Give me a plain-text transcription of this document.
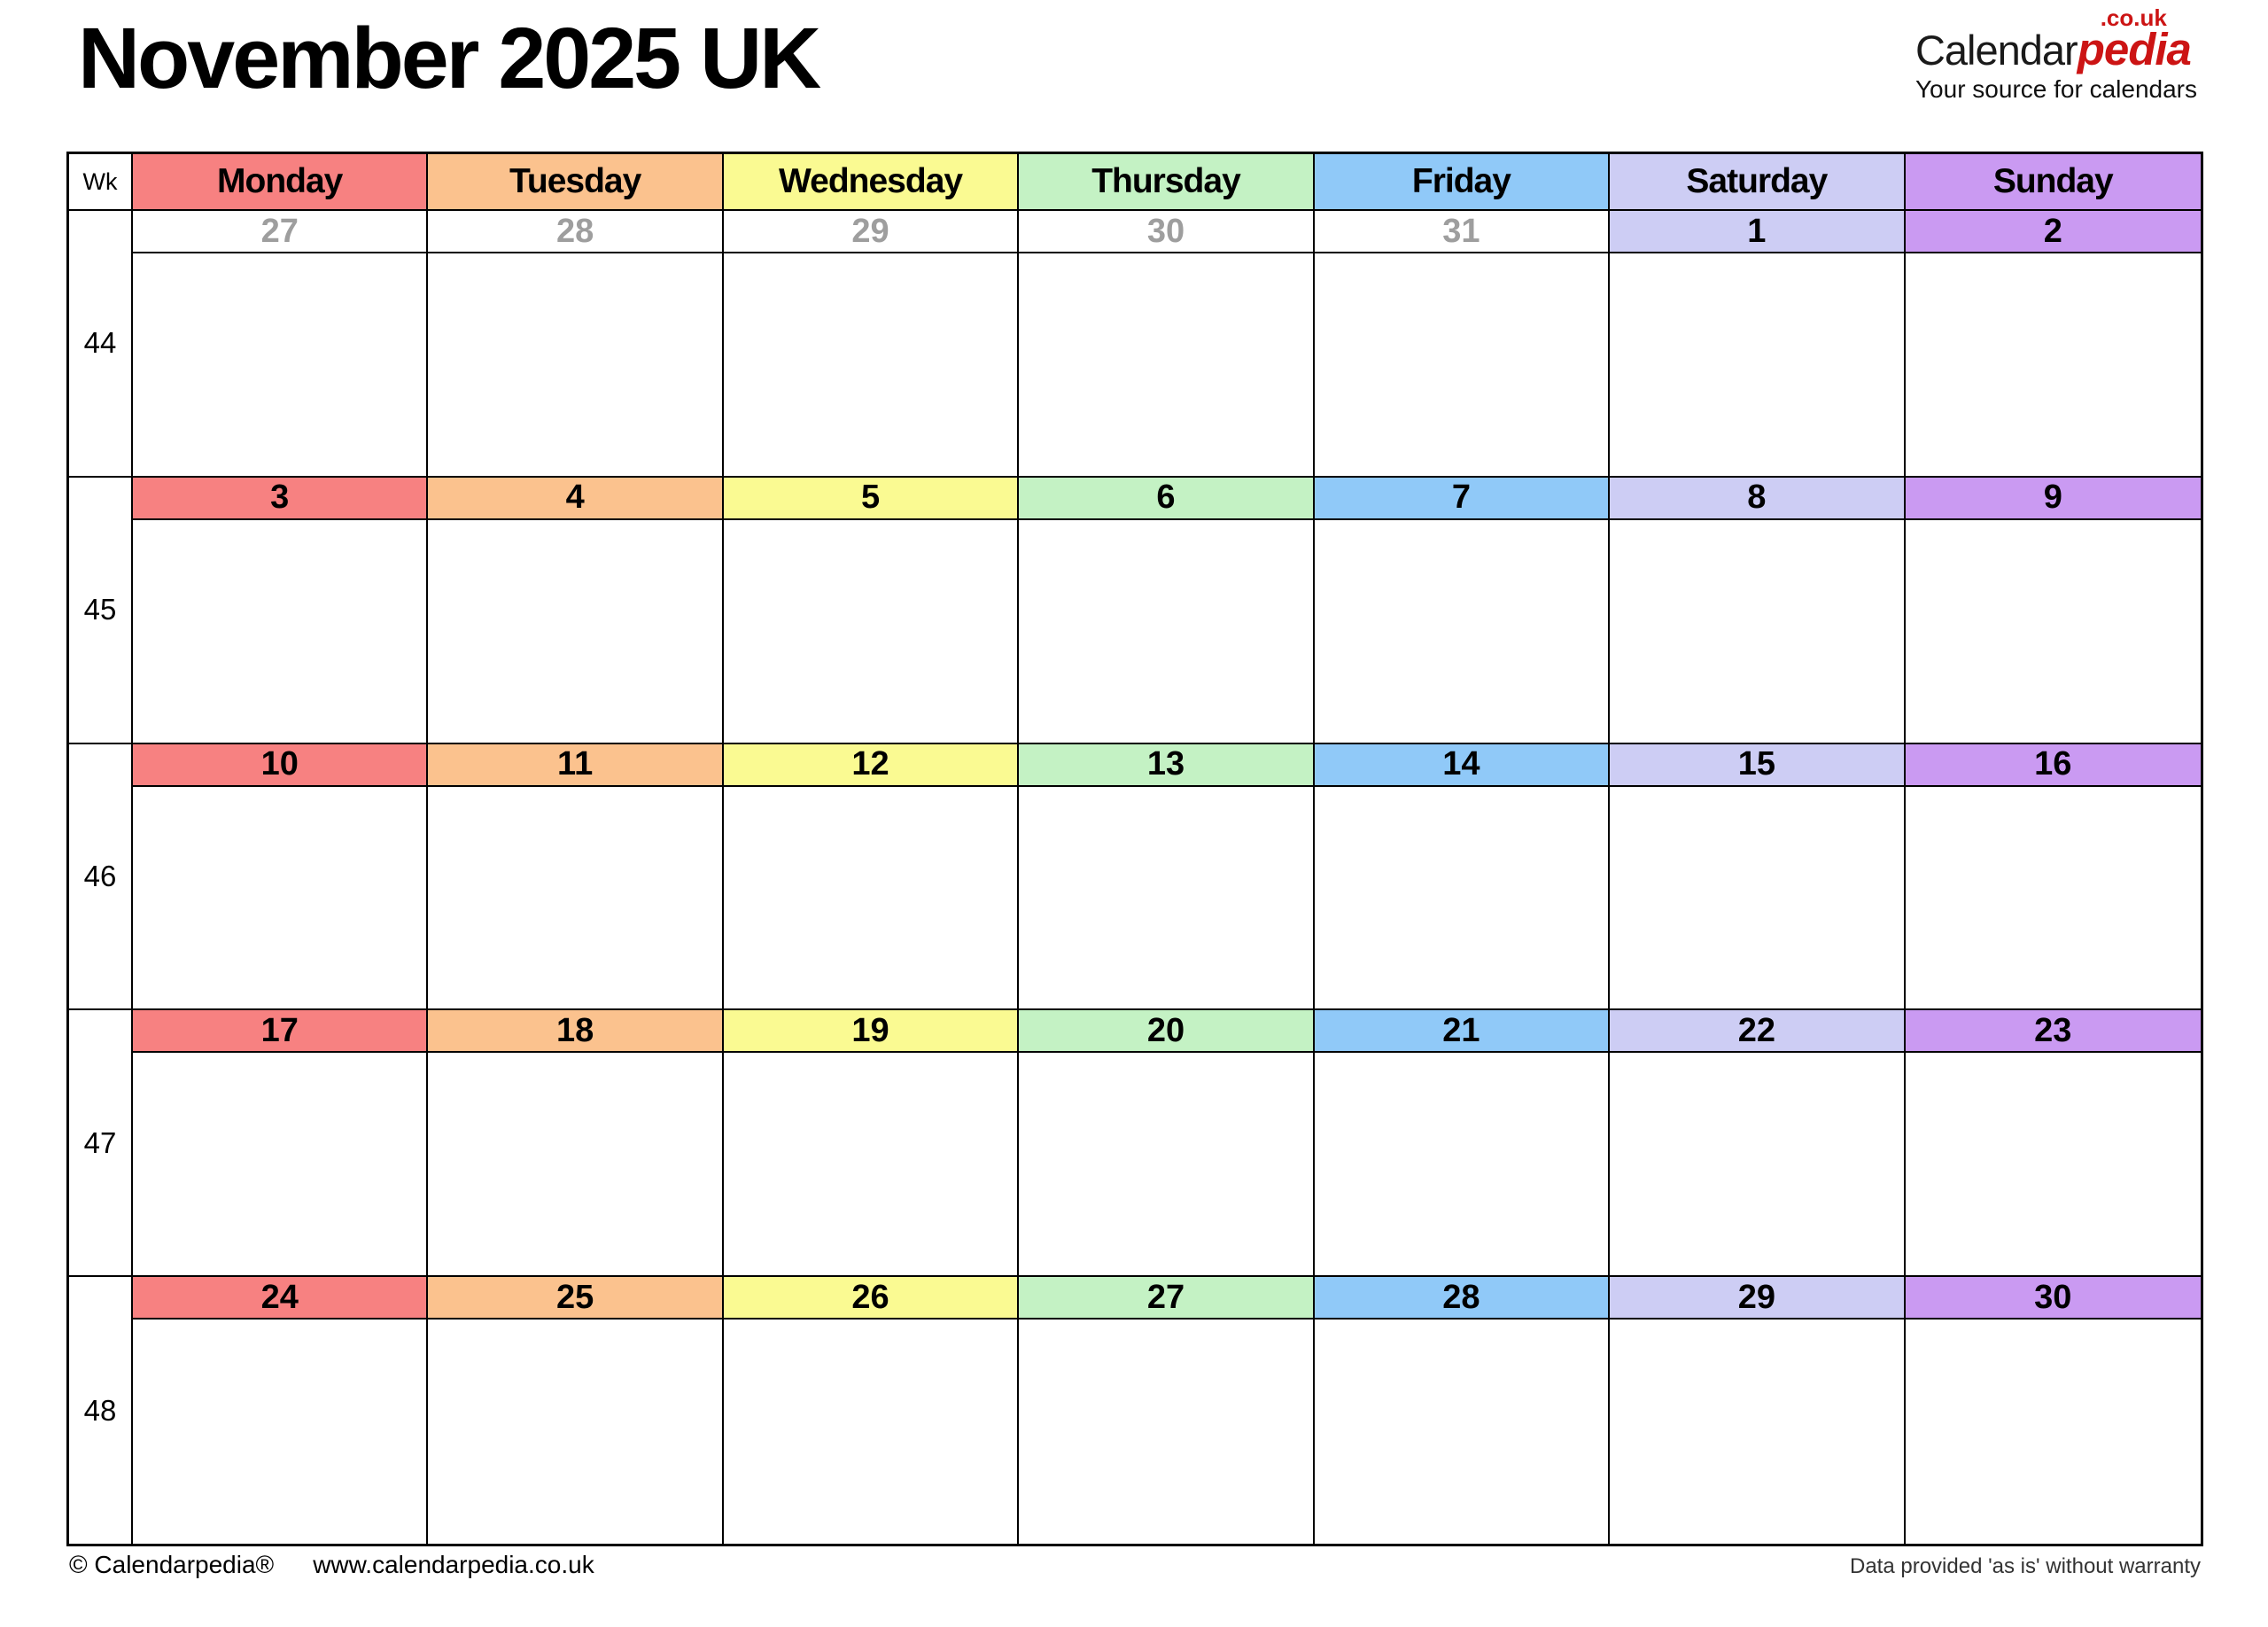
November 2025 UK	Calendar
.co.uk
pedia
Your source for calendars
Wk	Monday	Tuesday	Wednesday	Thursday	Friday	Saturday	Sunday
44
27	28	29	30	31	1	2
45
3	4	5	6	7	8	9
46
10	11	12	13	14	15	16
47
17	18	19	20	21	22	23
48
24	25	26	27	28	29	30
© Calendarpedia® www.calendarpedia.co.uk	Data provided 'as is' without warranty
